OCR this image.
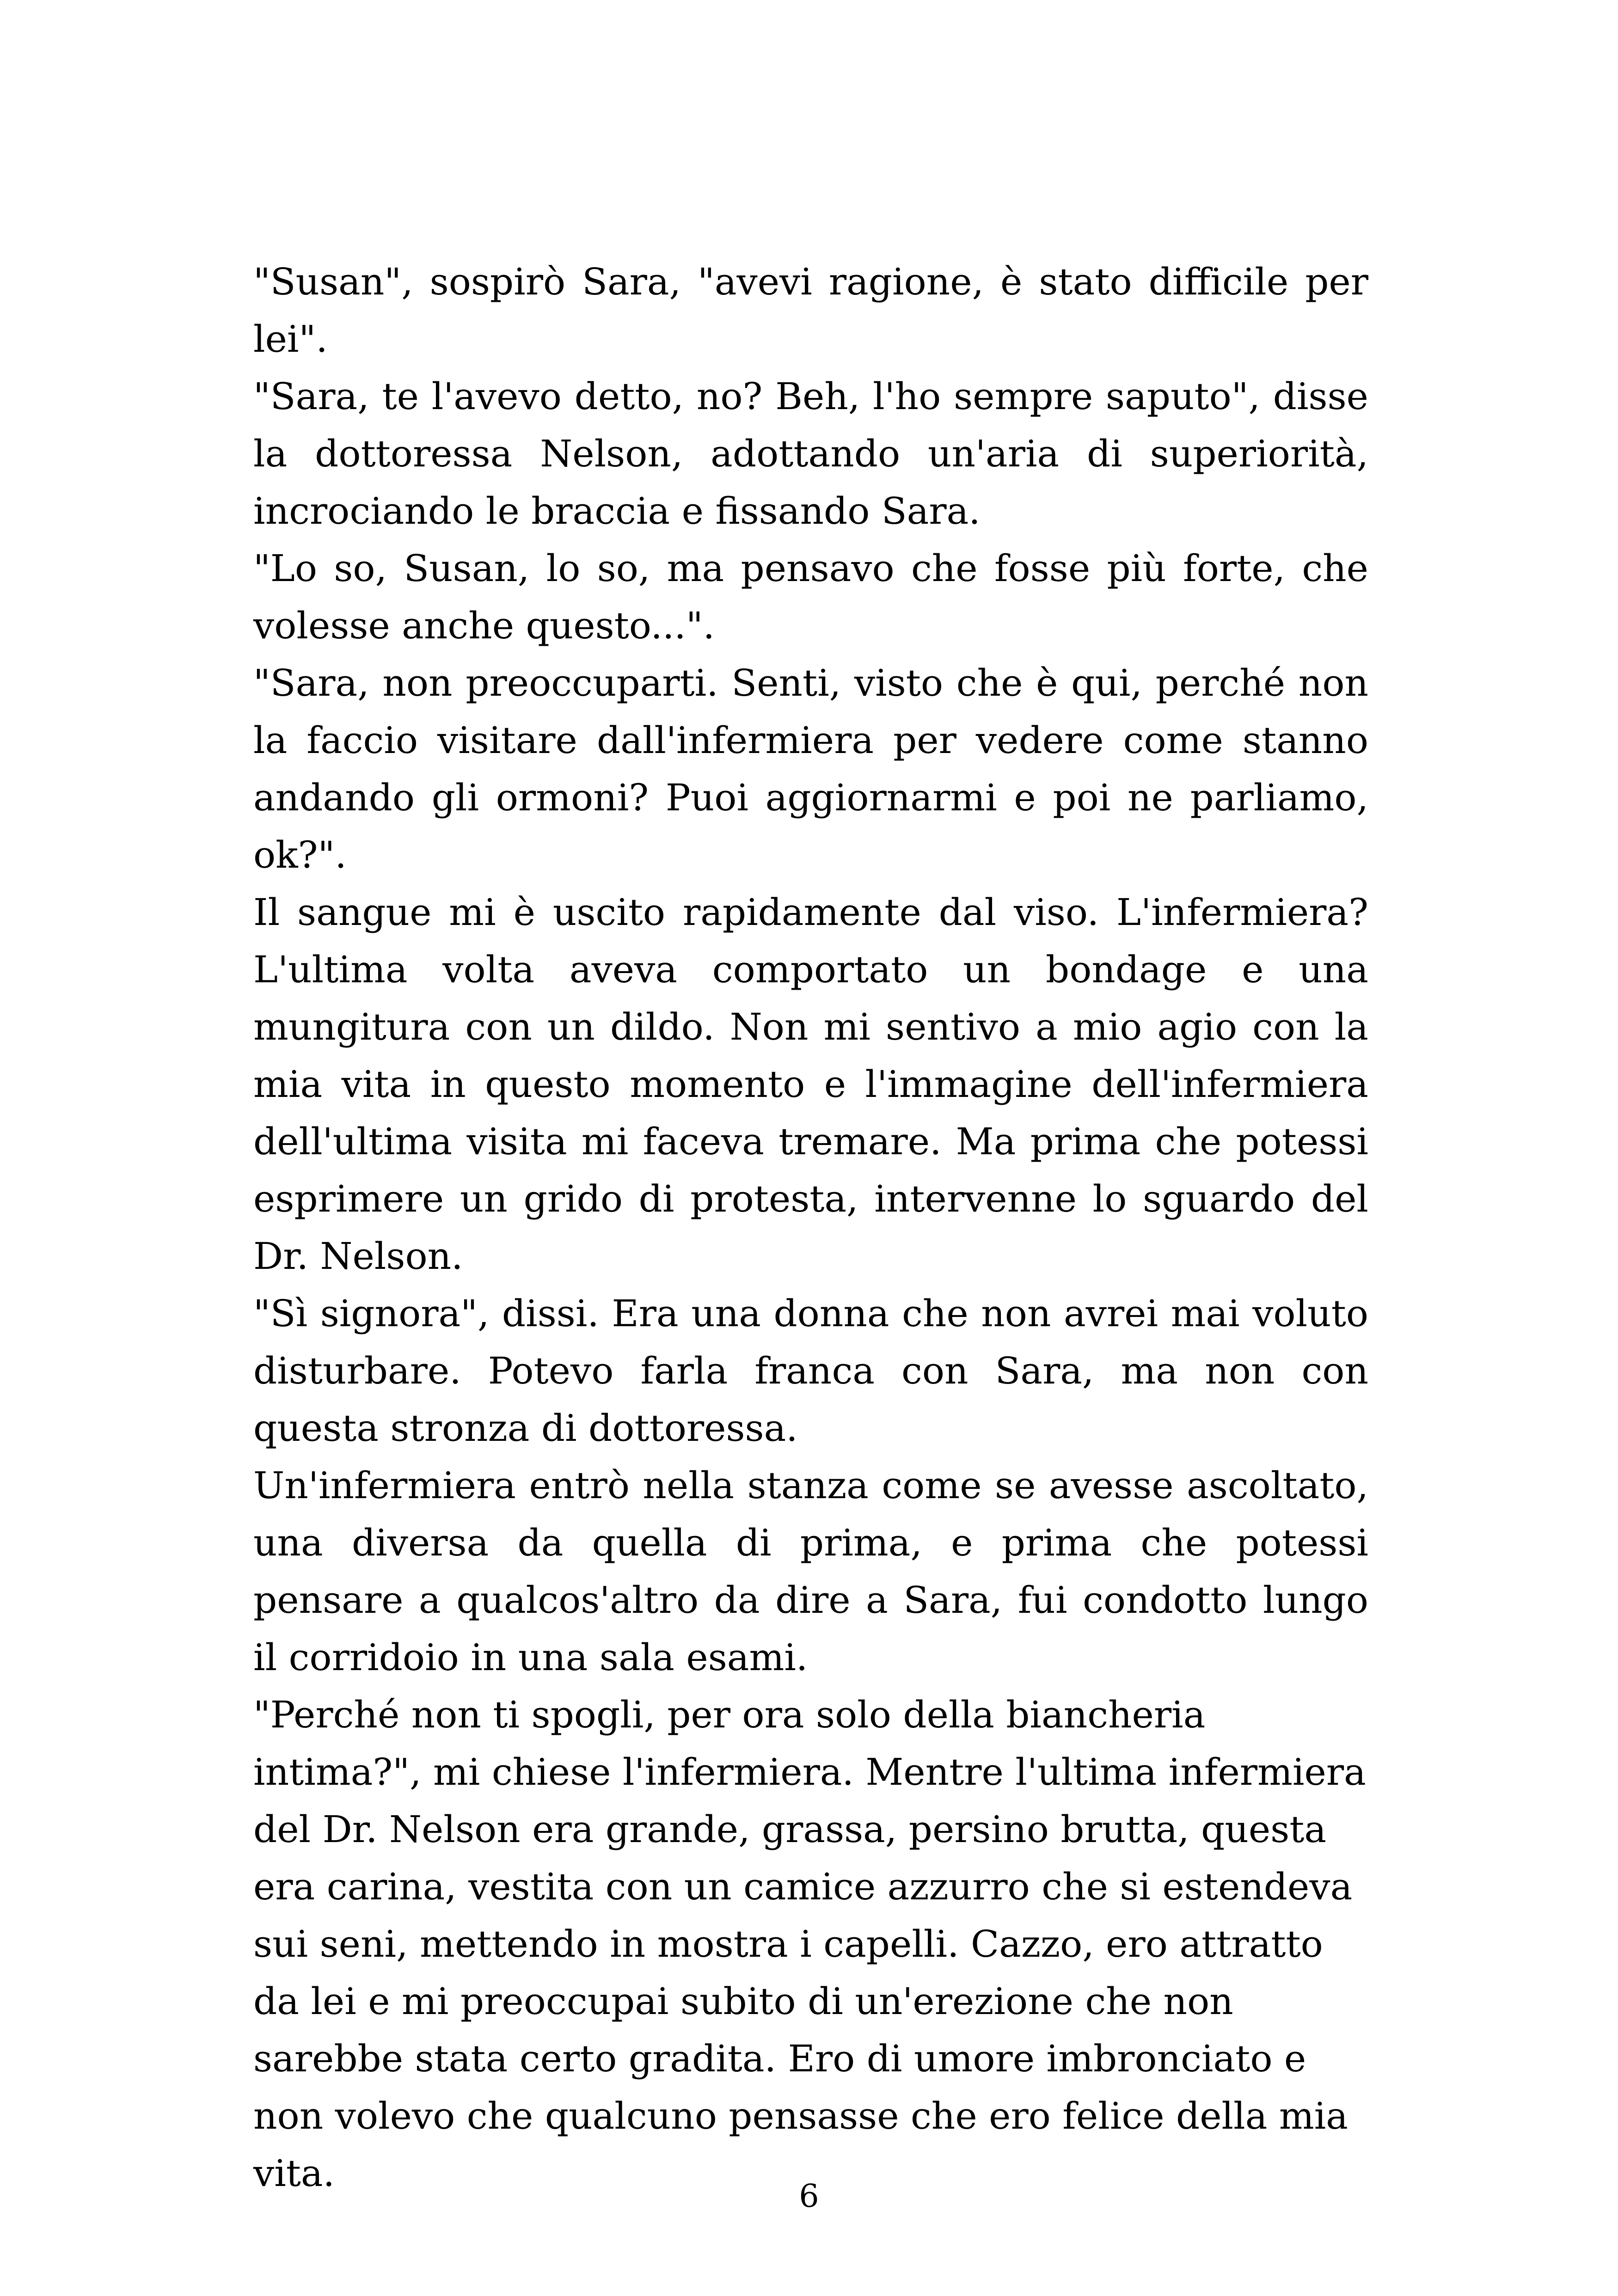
"Susan", sospirò Sara, "avevi ragione, è stato difficile per lei".

"Sara, te l'avevo detto, no? Beh, l'ho sempre saputo", disse la dottoressa Nelson, adottando un'aria di superiorità, incrociando le braccia e fissando Sara.

"Lo so, Susan, lo so, ma pensavo che fosse più forte, che volesse anche questo...".

"Sara, non preoccuparti. Senti, visto che è qui, perché non la faccio visitare dall'infermiera per vedere come stanno andando gli ormoni? Puoi aggiornarmi e poi ne parliamo, ok?".

Il sangue mi è uscito rapidamente dal viso. L'infermiera? L'ultima volta aveva comportato un bondage e una mungitura con un dildo. Non mi sentivo a mio agio con la mia vita in questo momento e l'immagine dell'infermiera dell'ultima visita mi faceva tremare. Ma prima che potessi esprimere un grido di protesta, intervenne lo sguardo del Dr. Nelson.

"Sì signora", dissi. Era una donna che non avrei mai voluto disturbare. Potevo farla franca con Sara, ma non con questa stronza di dottoressa.

Un'infermiera entrò nella stanza come se avesse ascoltato, una diversa da quella di prima, e prima che potessi pensare a qualcos'altro da dire a Sara, fui condotto lungo il corridoio in una sala esami.

"Perché non ti spogli, per ora solo della biancheria intima?", mi chiese l'infermiera. Mentre l'ultima infermiera del Dr. Nelson era grande, grassa, persino brutta, questa era carina, vestita con un camice azzurro che si estendeva sui seni, mettendo in mostra i capelli. Cazzo, ero attratto da lei e mi preoccupai subito di un'erezione che non sarebbe stata certo gradita. Ero di umore imbronciato e non volevo che qualcuno pensasse che ero felice della mia vita.

6
